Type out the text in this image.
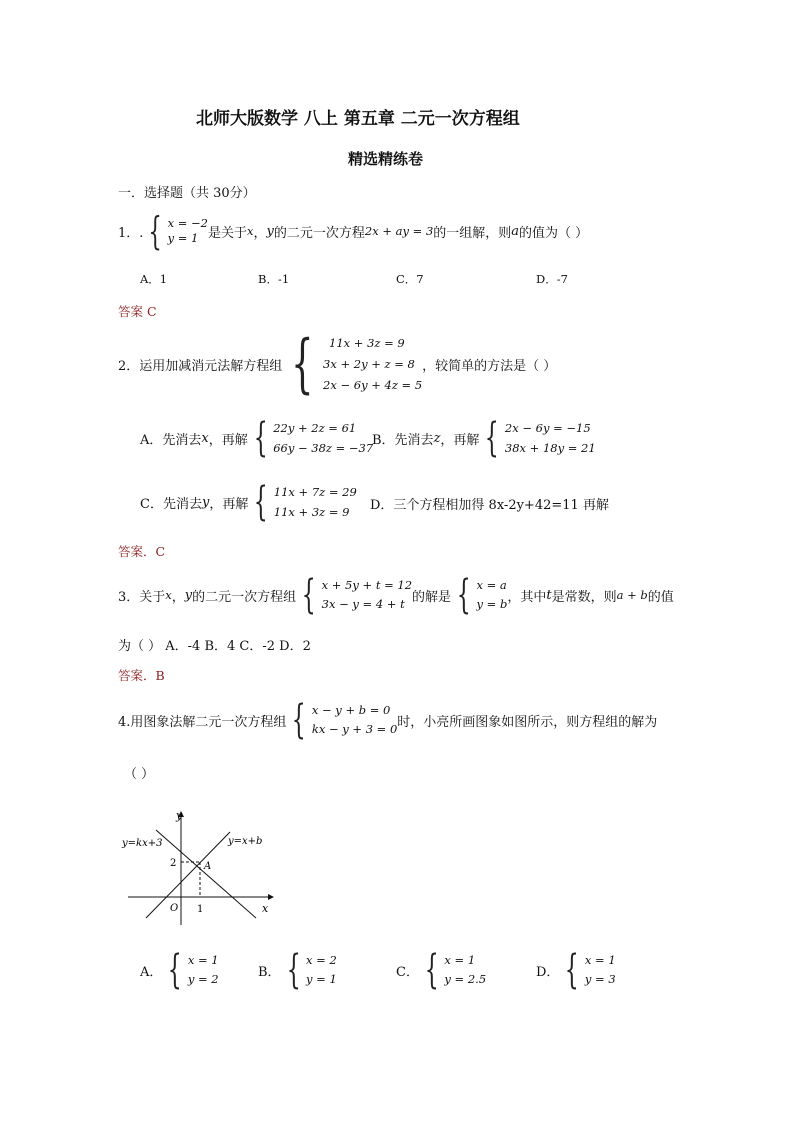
北师大版数学 八上 第五章 二元一次方程组
精选精练卷
一．选择题（共 30分）
1．. { x = −2
y = 1 是关于 x ， y 的二元一次方程 2x + ay = 3 的一组解，则 a 的值为（ ）
A．1	B．-1	C．7	D．-7
答案 C
2．运用加减消元法解方程组 {	11x + 3z = 9
3x + 2y + z = 8
2x − 6y + 4z = 5
，较简单的方法是（ ）
A．先消去 x ，再解 { 22y + 2z = 61
66y − 38z = −37
B．先消去 z ，再解 { 2x − 6y = −15
38x + 18y = 21
C．先消去 y ，再解 { 11x + 7z = 29
11x + 3z = 9	D．三个方程相加得 8x-2y+42=11 再解
答案．C
3．关于 x ， y 的二元一次方程组 { x + 5y + t = 12
3x − y = 4 + t 的解是 { x = a
y = b ，其中 t 是常数，则 a + b 的值
为（ ） A．-4 B．4 C．-2 D．2
答案．B
4.用图象法解二元一次方程组 { x − y + b = 0
kx − y + 3 = 0 时，小亮所画图象如图所示，则方程组的解为
（ ）
y
x
y=kx+3	y=x+b
2
1
O
A
A． { x = 1
y = 2	B． { x = 2
y = 1	C． { x = 1
y = 2.5	D． { x = 1
y = 3
